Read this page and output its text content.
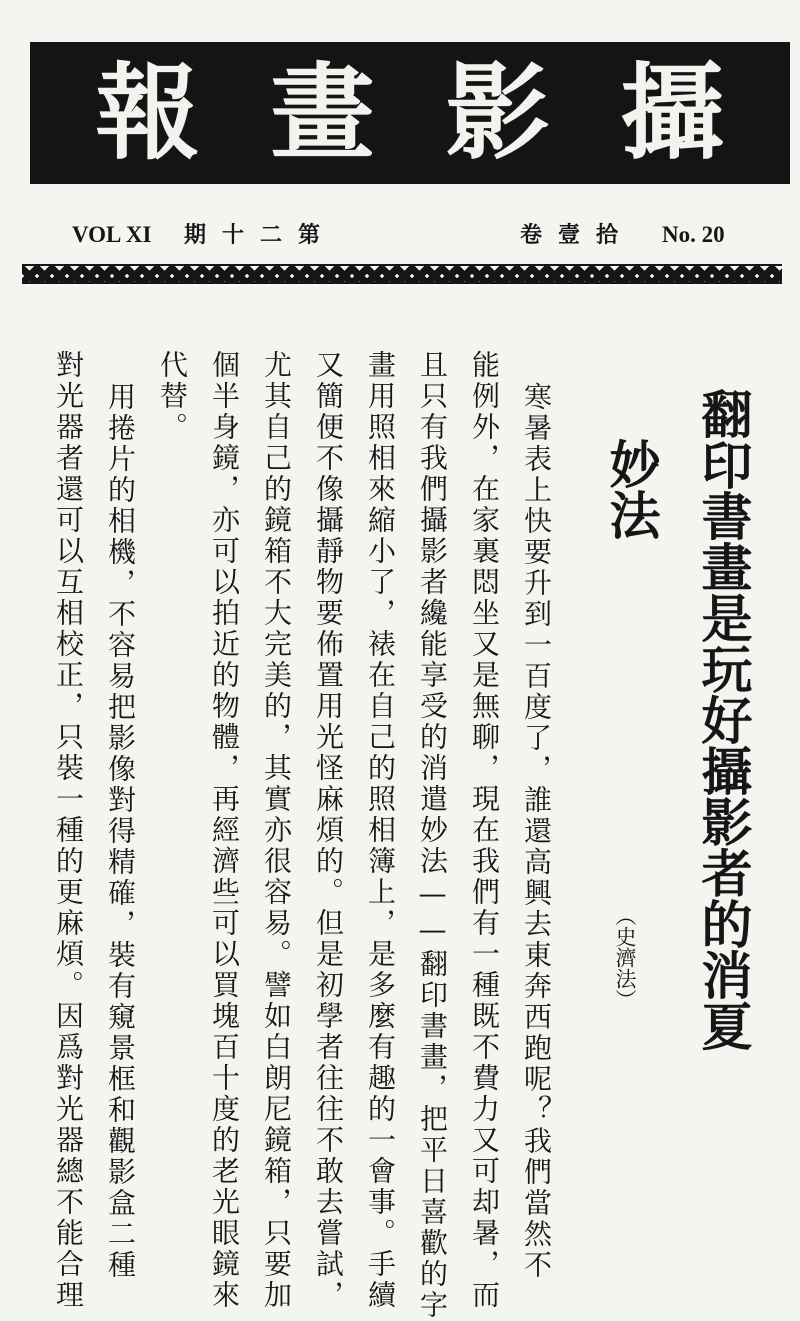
報 畫 影 攝
VOL XI 期十二第	卷壹拾 No. 20
翻印書畫是玩好攝影者的消夏
妙法
（史濟法）
寒暑表上快要升到一百度了，誰還高興去東奔西跑呢？我們當然不
能例外，在家裏悶坐又是無聊，現在我們有一種既不費力又可却暑，而
且只有我們攝影者纔能享受的消遣妙法——翻印書畫，把平日喜歡的字
畫用照相來縮小了，裱在自己的照相簿上，是多麼有趣的一會事。手續
又簡便不像攝靜物要佈置用光怪麻煩的。但是初學者往往不敢去嘗試，
尤其自己的鏡箱不大完美的，其實亦很容易。譬如白朗尼鏡箱，只要加
個半身鏡，亦可以拍近的物體，再經濟些可以買塊百十度的老光眼鏡來
代替。
用捲片的相機，不容易把影像對得精確，裝有窺景框和觀影盒二種
對光器者還可以互相校正，只裝一種的更麻煩。因爲對光器總不能合理
